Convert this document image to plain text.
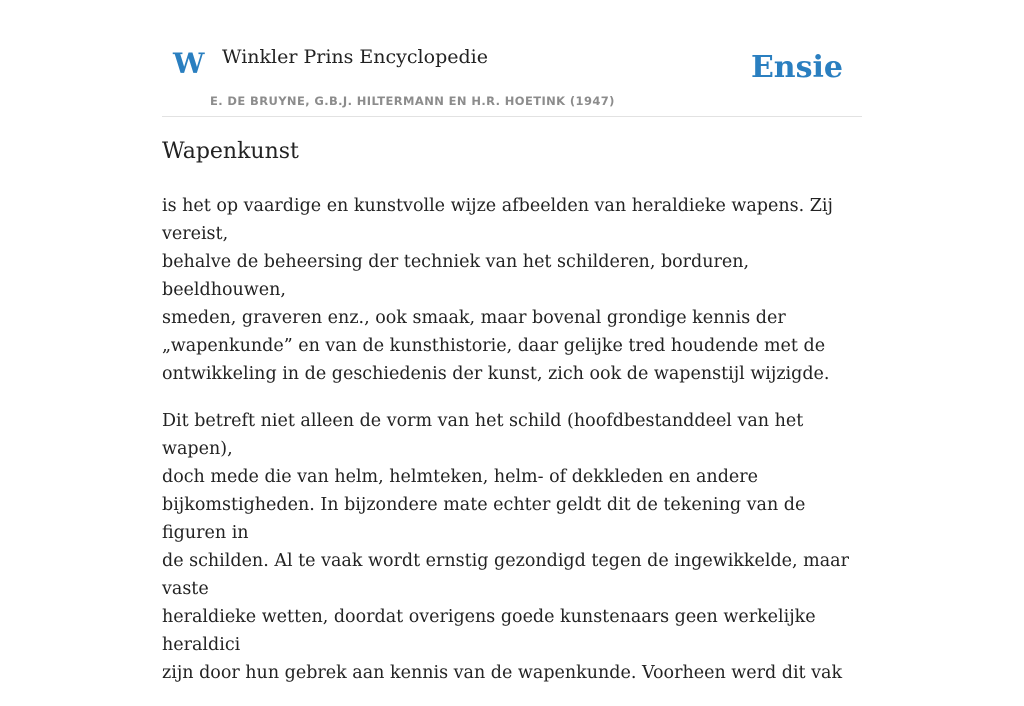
W Winkler Prins Encyclopedie
E. DE BRUYNE, G.B.J. HILTERMANN EN H.R. HOETINK (1947)
Ensie
Wapenkunst

is het op vaardige en kunstvolle wijze afbeelden van heraldieke wapens. Zij vereist,
behalve de beheersing der techniek van het schilderen, borduren, beeldhouwen,
smeden, graveren enz., ook smaak, maar bovenal grondige kennis der
„wapenkunde” en van de kunsthistorie, daar gelijke tred houdende met de
ontwikkeling in de geschiedenis der kunst, zich ook de wapenstijl wijzigde.

Dit betreft niet alleen de vorm van het schild (hoofdbestanddeel van het wapen),
doch mede die van helm, helmteken, helm- of dekkleden en andere
bijkomstigheden. In bijzondere mate echter geldt dit de tekening van de figuren in
de schilden. Al te vaak wordt ernstig gezondigd tegen de ingewikkelde, maar vaste
heraldieke wetten, doordat overigens goede kunstenaars geen werkelijke heraldici
zijn door hun gebrek aan kennis van de wapenkunde. Voorheen werd dit vak
